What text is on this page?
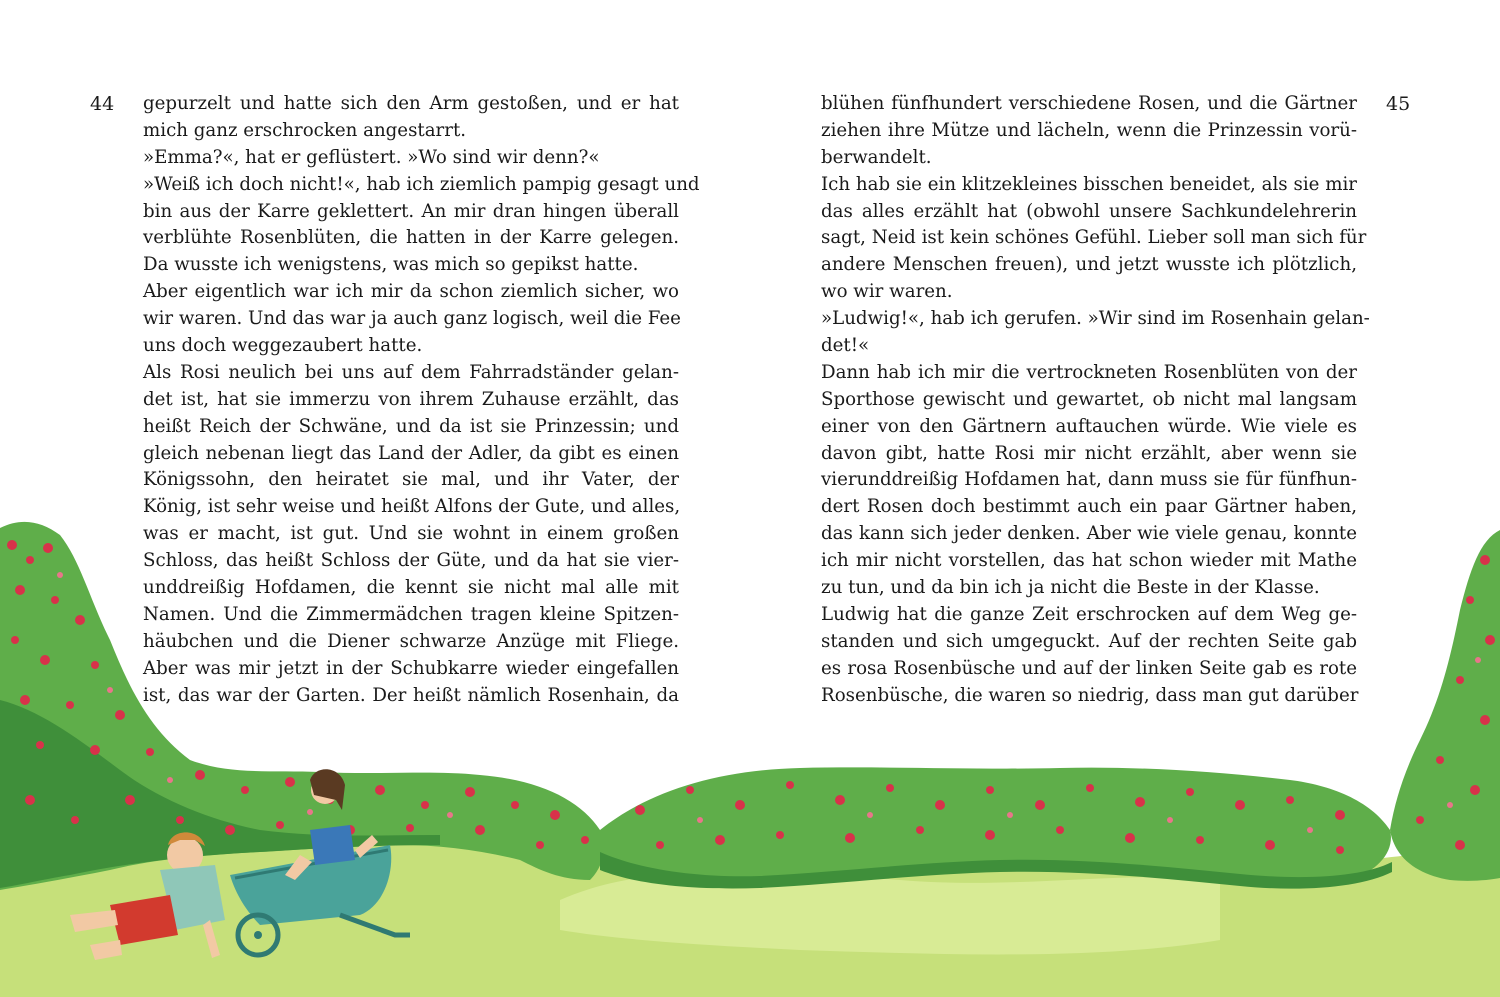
44	45
gepurzelt und hatte sich den Arm gestoßen, und er hat
mich ganz erschrocken angestarrt.
»Emma?«, hat er geflüstert. »Wo sind wir denn?«
»Weiß ich doch nicht!«, hab ich ziemlich pampig gesagt und
bin aus der Karre geklettert. An mir dran hingen überall
verblühte Rosenblüten, die hatten in der Karre gelegen.
Da wusste ich wenigstens, was mich so gepikst hatte.
Aber eigentlich war ich mir da schon ziemlich sicher, wo
wir waren. Und das war ja auch ganz logisch, weil die Fee
uns doch weggezaubert hatte.
Als Rosi neulich bei uns auf dem Fahrradständer gelan-
det ist, hat sie immerzu von ihrem Zuhause erzählt, das
heißt Reich der Schwäne, und da ist sie Prinzessin; und
gleich nebenan liegt das Land der Adler, da gibt es einen
Königssohn, den heiratet sie mal, und ihr Vater, der
König, ist sehr weise und heißt Alfons der Gute, und alles,
was er macht, ist gut. Und sie wohnt in einem großen
Schloss, das heißt Schloss der Güte, und da hat sie vier-
unddreißig Hofdamen, die kennt sie nicht mal alle mit
Namen. Und die Zimmermädchen tragen kleine Spitzen-
häubchen und die Diener schwarze Anzüge mit Fliege.
Aber was mir jetzt in der Schubkarre wieder eingefallen
ist, das war der Garten. Der heißt nämlich Rosenhain, da
blühen fünfhundert verschiedene Rosen, und die Gärtner
ziehen ihre Mütze und lächeln, wenn die Prinzessin vorü-
berwandelt.
Ich hab sie ein klitzekleines bisschen beneidet, als sie mir
das alles erzählt hat (obwohl unsere Sachkundelehrerin
sagt, Neid ist kein schönes Gefühl. Lieber soll man sich für
andere Menschen freuen), und jetzt wusste ich plötzlich,
wo wir waren.
»Ludwig!«, hab ich gerufen. »Wir sind im Rosenhain gelan-
det!«
Dann hab ich mir die vertrockneten Rosenblüten von der
Sporthose gewischt und gewartet, ob nicht mal langsam
einer von den Gärtnern auftauchen würde. Wie viele es
davon gibt, hatte Rosi mir nicht erzählt, aber wenn sie
vierunddreißig Hofdamen hat, dann muss sie für fünfhun-
dert Rosen doch bestimmt auch ein paar Gärtner haben,
das kann sich jeder denken. Aber wie viele genau, konnte
ich mir nicht vorstellen, das hat schon wieder mit Mathe
zu tun, und da bin ich ja nicht die Beste in der Klasse.
Ludwig hat die ganze Zeit erschrocken auf dem Weg ge-
standen und sich umgeguckt. Auf der rechten Seite gab
es rosa Rosenbüsche und auf der linken Seite gab es rote
Rosenbüsche, die waren so niedrig, dass man gut darüber
